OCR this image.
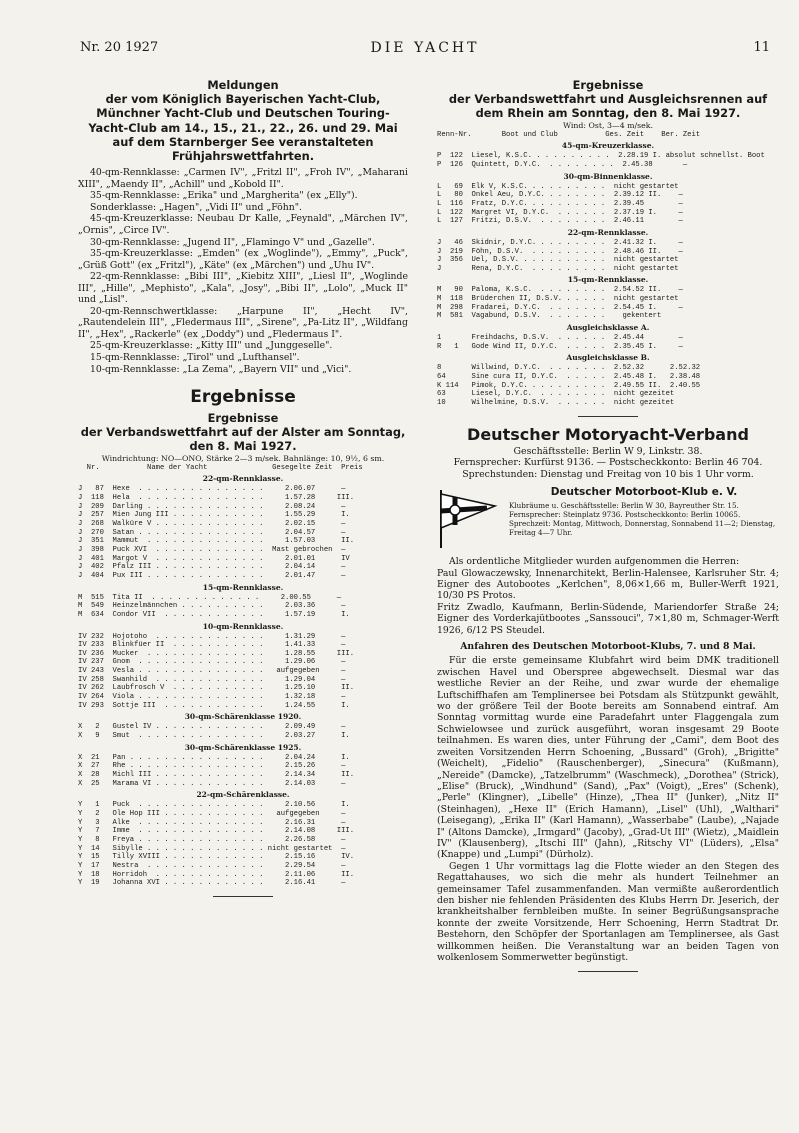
Nr. 20 1927	DIE YACHT	11

Meldungen
der vom Königlich Bayerischen Yacht-Club, Münchner Yacht-Club und Deutschen Touring-Yacht-Club am 14., 15., 21., 22., 26. und 29. Mai auf dem Starnberger See veranstalteten Frühjahrswettfahrten.

40-qm-Rennklasse: „Carmen IV", „Fritzl II", „Froh IV", „Maharani XIII", „Maendy II", „Achill" und „Kobold II".

35-qm-Rennklasse: „Erika" und „Margherita" (ex „Elly").

Sonderklasse: „Hagen", „Vidi II" und „Föhn".

45-qm-Kreuzerklasse: Neubau Dr Kalle, „Feynald", „Märchen IV", „Ornis", „Circe IV".

30-qm-Rennklasse: „Jugend II", „Flamingo V" und „Gazelle".

35-qm-Kreuzerklasse: „Emden" (ex „Woglinde"), „Emmy", „Puck", „Grüß Gott" (ex „Fritzl"), „Käte" (ex „Märchen") und „Uhu IV".

22-qm-Rennklasse: „Bibi III", „Kiebitz XIII", „Liesl II", „Woglinde III", „Hille", „Mephisto", „Kala", „Josy", „Bibi II", „Lolo", „Muck II" und „Lisl".

20-qm-Rennschwertklasse: „Harpune II", „Hecht IV", „Rautendelein III", „Fledermaus III", „Sirene", „Pa-Litz II", „Wildfang II", „Hex", „Rackerle" (ex „Doddy") und „Fledermaus I".

25-qm-Kreuzerklasse: „Kitty III" und „Junggeselle".

15-qm-Rennklasse: „Tirol" und „Lufthansel".

10-qm-Rennklasse: „La Zema", „Bayern VII" und „Vici".

Ergebnisse

Ergebnisse
der Verbandswettfahrt auf der Alster am Sonntag, den 8. Mai 1927.

Windrichtung: NO—ONO, Stärke 2—3 m/sek. Bahnlänge: 10, 9½, 6 sm.

Nr.           Name der Yacht               Gesegelte Zeit  Preis

22-qm-Rennklasse.

J   87  Hexe  . . . . . . . . . . . . . . .     2.06.07      —
J  118  Hela  . . . . . . . . . . . . . . .     1.57.28     III.
J  209  Darling . . . . . . . . . . . . . .     2.08.24      —
J  257  Mien Jung III . . . . . . . . . . .     1.55.29      I.
J  268  Walküre V . . . . . . . . . . . . .     2.02.15      —
J  270  Satan . . . . . . . . . . . . . . .     2.04.57      —
J  351  Mammut  . . . . . . . . . . . . . .     1.57.03      II.
J  398  Puck XVI  . . . . . . . . . . . . .  Mast gebrochen  —
J  401  Margot V  . . . . . . . . . . . . .     2.01.01      IV
J  402  Pfalz III . . . . . . . . . . . . .     2.04.14      —
J  404  Pux III . . . . . . . . . . . . . .     2.01.47      —

15-qm-Rennklasse.

M  515  Tita II  . . . . . . . . . . . . .     2.00.55      —
M  549  Heinzelmännchen . . . . . . . . . .     2.03.36      —
M  634  Condor VII  . . . . . . . . . . . .     1.57.19      I.

10-qm-Rennklasse.

IV 232  Hojotoho  . . . . . . . . . . . . .     1.31.29      —
IV 233  Blinkfüer II  . . . . . . . . . . .     1.41.33      —
IV 236  Mucker  . . . . . . . . . . . . . .     1.28.55     III.
IV 237  Gnom  . . . . . . . . . . . . . . .     1.29.06      —
IV 243  Vesla . . . . . . . . . . . . . . .   aufgegeben     —
IV 258  Swanhild  . . . . . . . . . . . . .     1.29.04      —
IV 262  Laubfrosch V  . . . . . . . . . . .     1.25.10      II.
IV 264  Viola . . . . . . . . . . . . . . .     1.32.18      —
IV 293  Sottje III  . . . . . . . . . . . .     1.24.55      I.

30-qm-Schärenklasse 1920.

X   2   Gustel IV . . . . . . . . . . . . .     2.09.49      —
X   9   Smut  . . . . . . . . . . . . . . .     2.03.27      I.

30-qm-Schärenklasse 1925.

X  21   Pan . . . . . . . . . . . . . . . .     2.04.24      I.
X  27   Rhe . . . . . . . . . . . . . . . .     2.15.26      —
X  28   Michl III . . . . . . . . . . . . .     2.14.34      II.
X  25   Marama VI . . . . . . . . . . . . .     2.14.03      —

22-qm-Schärenklasse.

Y   1   Puck  . . . . . . . . . . . . . . .     2.10.56      I.
Y   2   Ole Hop III . . . . . . . . . . . .   aufgegeben     —
Y   3   Alke  . . . . . . . . . . . . . . .     2.16.31      —
Y   7   Imme  . . . . . . . . . . . . . . .     2.14.08     III.
Y   8   Freya . . . . . . . . . . . . . . .     2.26.58      —
Y  14   Sibylle . . . . . . . . . . . . . . nicht gestartet  —
Y  15   Tilly XVIII . . . . . . . . . . . .     2.15.16      IV.
Y  17   Nestra  . . . . . . . . . . . . . .     2.29.54      —
Y  18   Horridoh  . . . . . . . . . . . . .     2.11.06      II.
Y  19   Johanna XVI . . . . . . . . . . . .     2.16.41      —

Ergebnisse
der Verbandswettfahrt und Ausgleichsrennen auf dem Rhein am Sonntag, den 8. Mai 1927.

Wind: Ost, 3—4 m/sek.

Renn-Nr.       Boot und Club           Ges. Zeit    Ber. Zeit

45-qm-Kreuzerklasse.

P  122  Liesel, K.S.C. . . . . . . . . .  2.28.19 I. absolut schnellst. Boot
P  126  Quintett, D.Y.C.  . . . . . . . .  2.45.38       —

30-qm-Binnenklasse.

L   69  Elk V, K.S.C. . . . . . . . . .  nicht gestartet
L   80  Onkel Aeu, D.Y.C. . . . . . . .  2.39.12 II.    —
L  116  Fratz, D.Y.C. . . . . . . . . .  2.39.45        —
L  122  Margret VI, D.Y.C.  . . . . . .  2.37.19 I.     —
L  127  Fritzi, D.S.V.  . . . . . . . .  2.46.11        —

22-qm-Rennklasse.

J   46  Skidnir, D.Y.C. . . . . . . . .  2.41.32 I.     —
J  219  Föhn, D.S.V.  . . . . . . . . .  2.48.46 II.    —
J  356  Uel, D.S.V. . . . . . . . . . .  nicht gestartet
J       Rena, D.Y.C.  . . . . . . . . .  nicht gestartet

15-qm-Rennklasse.

M   90  Paloma, K.S.C.  . . . . . . . .  2.54.52 II.    —
M  118  Brüderchen II, D.S.V. . . . . .  nicht gestartet
M  298  Fradarei, D.Y.C.  . . . . . . .  2.54.45 I.     —
M  581  Vagabund, D.S.V.  . . . . . . .    gekentert

Ausgleichsklasse A.

1       Freihdachs, D.S.V.  . . . . . .  2.45.44        —
R   1   Gode Wind II, D.Y.C.  . . . . .  2.35.45 I.     —

Ausgleichsklasse B.

8       Willwind, D.Y.C.  . . . . . . .  2.52.32      2.52.32
64      Sine cura II, D.Y.C.  . . . . .  2.45.48 I.   2.38.48
K 114   Pimok, D.Y.C. . . . . . . . . .  2.49.55 II.  2.40.55
63      Liesel, D.Y.C.  . . . . . . . .  nicht gezeitet
10      Wilhelmine, D.S.V.  . . . . . .  nicht gezeitet

Deutscher Motoryacht-Verband

Geschäftsstelle: Berlin W 9, Linkstr. 38.

Fernsprecher: Kurfürst 9136. — Postscheckkonto: Berlin 46 704.

Sprechstunden: Dienstag und Freitag von 10 bis 1 Uhr vorm.

Deutscher Motorboot-Klub e. V.
Klubräume u. Geschäftsstelle: Berlin W 30, Bayreuther Str. 15. Fernsprecher: Steinplatz 9736. Postscheckkonto: Berlin 10065. Sprechzeit: Montag, Mittwoch, Donnerstag, Sonnabend 11—2; Dienstag, Freitag 4—7 Uhr.

Als ordentliche Mitglieder wurden aufgenommen die Herren:

Paul Glowaczewsky, Innenarchitekt, Berlin-Halensee, Karlsruher Str. 4; Eigner des Autobootes „Kerlchen", 8,06×1,66 m, Buller-Werft 1921, 10/30 PS Protos.

Fritz Zwadlo, Kaufmann, Berlin-Südende, Mariendorfer Straße 24; Eigner des Vorderkajütbootes „Sanssouci", 7×1,80 m, Schmager-Werft 1926, 6/12 PS Steudel.

Anfahren des Deutschen Motorboot-Klubs, 7. und 8 Mai.

Für die erste gemeinsame Klubfahrt wird beim DMK traditionell zwischen Havel und Oberspree abgewechselt. Diesmal war das westliche Revier an der Reihe, und zwar wurde der ehemalige Luftschiffhafen am Templinersee bei Potsdam als Stützpunkt gewählt, wo der größere Teil der Boote bereits am Sonnabend eintraf. Am Sonntag vormittag wurde eine Paradefahrt unter Flaggengala zum Schwielowsee und zurück ausgeführt, woran insgesamt 29 Boote teilnahmen. Es waren dies, unter Führung der „Cami", dem Boot des zweiten Vorsitzenden Herrn Schoening, „Bussard" (Groh), „Brigitte" (Weichelt), „Fidelio" (Rauschenberger), „Sinecura" (Kußmann), „Nereide" (Damcke), „Tatzelbrumm" (Waschmeck), „Dorothea" (Strick), „Elise" (Bruck), „Windhund" (Sand), „Pax" (Voigt), „Eres" (Schenk), „Perle" (Klingner), „Libelle" (Hinze), „Thea II" (Junker), „Nitz II" (Steinhagen), „Hexe II" (Erich Hamann), „Lisel" (Uhl), „Walthari" (Leisegang), „Erika II" (Karl Hamann), „Wasserbabe" (Laube), „Najade I" (Altons Damcke), „Irmgard" (Jacoby), „Grad-Ut III" (Wietz), „Maidlein IV" (Klausenberg), „Itschi III" (Jahn), „Ritschy VI" (Lüders), „Elsa" (Knappe) und „Lumpi" (Dürholz).

Gegen 1 Uhr vormittags lag die Flotte wieder an den Stegen des Regattahauses, wo sich die mehr als hundert Teilnehmer an gemeinsamer Tafel zusammenfanden. Man vermißte außerordentlich den bisher nie fehlenden Präsidenten des Klubs Herrn Dr. Jeserich, der krankheitshalber fernbleiben mußte. In seiner Begrüßungsansprache konnte der zweite Vorsitzende, Herr Schoening, Herrn Stadtrat Dr. Bestehorn, den Schöpfer der Sportanlagen am Templinersee, als Gast willkommen heißen. Die Veranstaltung war an beiden Tagen von wolkenlosem Sommerwetter begünstigt.
